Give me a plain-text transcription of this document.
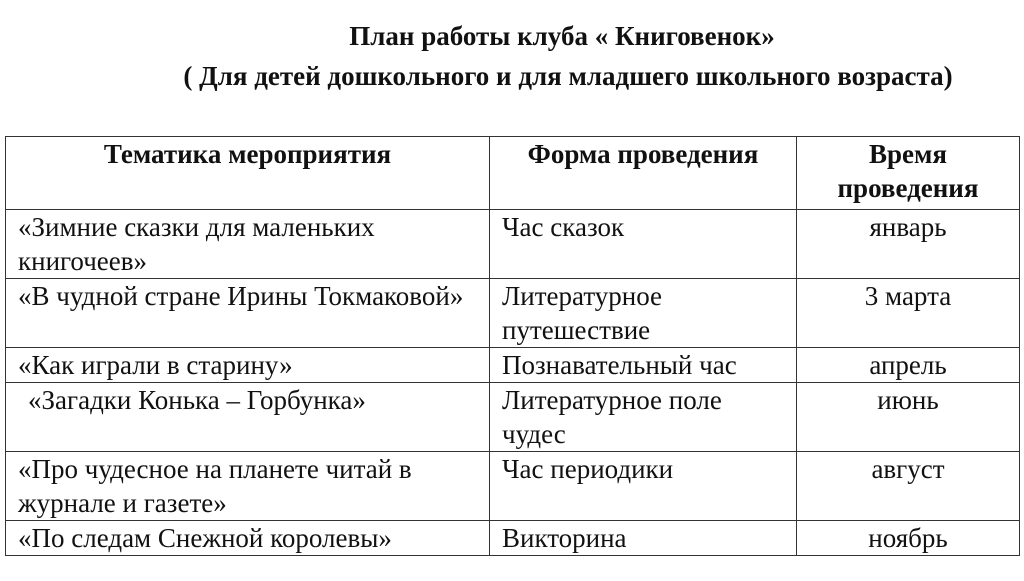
План работы клуба « Книговенок»
( Для детей дошкольного и для младшего школьного возраста)
Тематика мероприятия	Форма проведения	Время проведения
«Зимние сказки для маленьких книгочеев»	Час сказок	январь
«В чудной стране Ирины Токмаковой»	Литературное путешествие	3 марта
«Как играли в старину»	Познавательный час	апрель
«Загадки Конька – Горбунка»	Литературное поле чудес	июнь
«Про чудесное на планете читай в журнале и газете»	Час периодики	август
«По следам Снежной королевы»	Викторина	ноябрь
